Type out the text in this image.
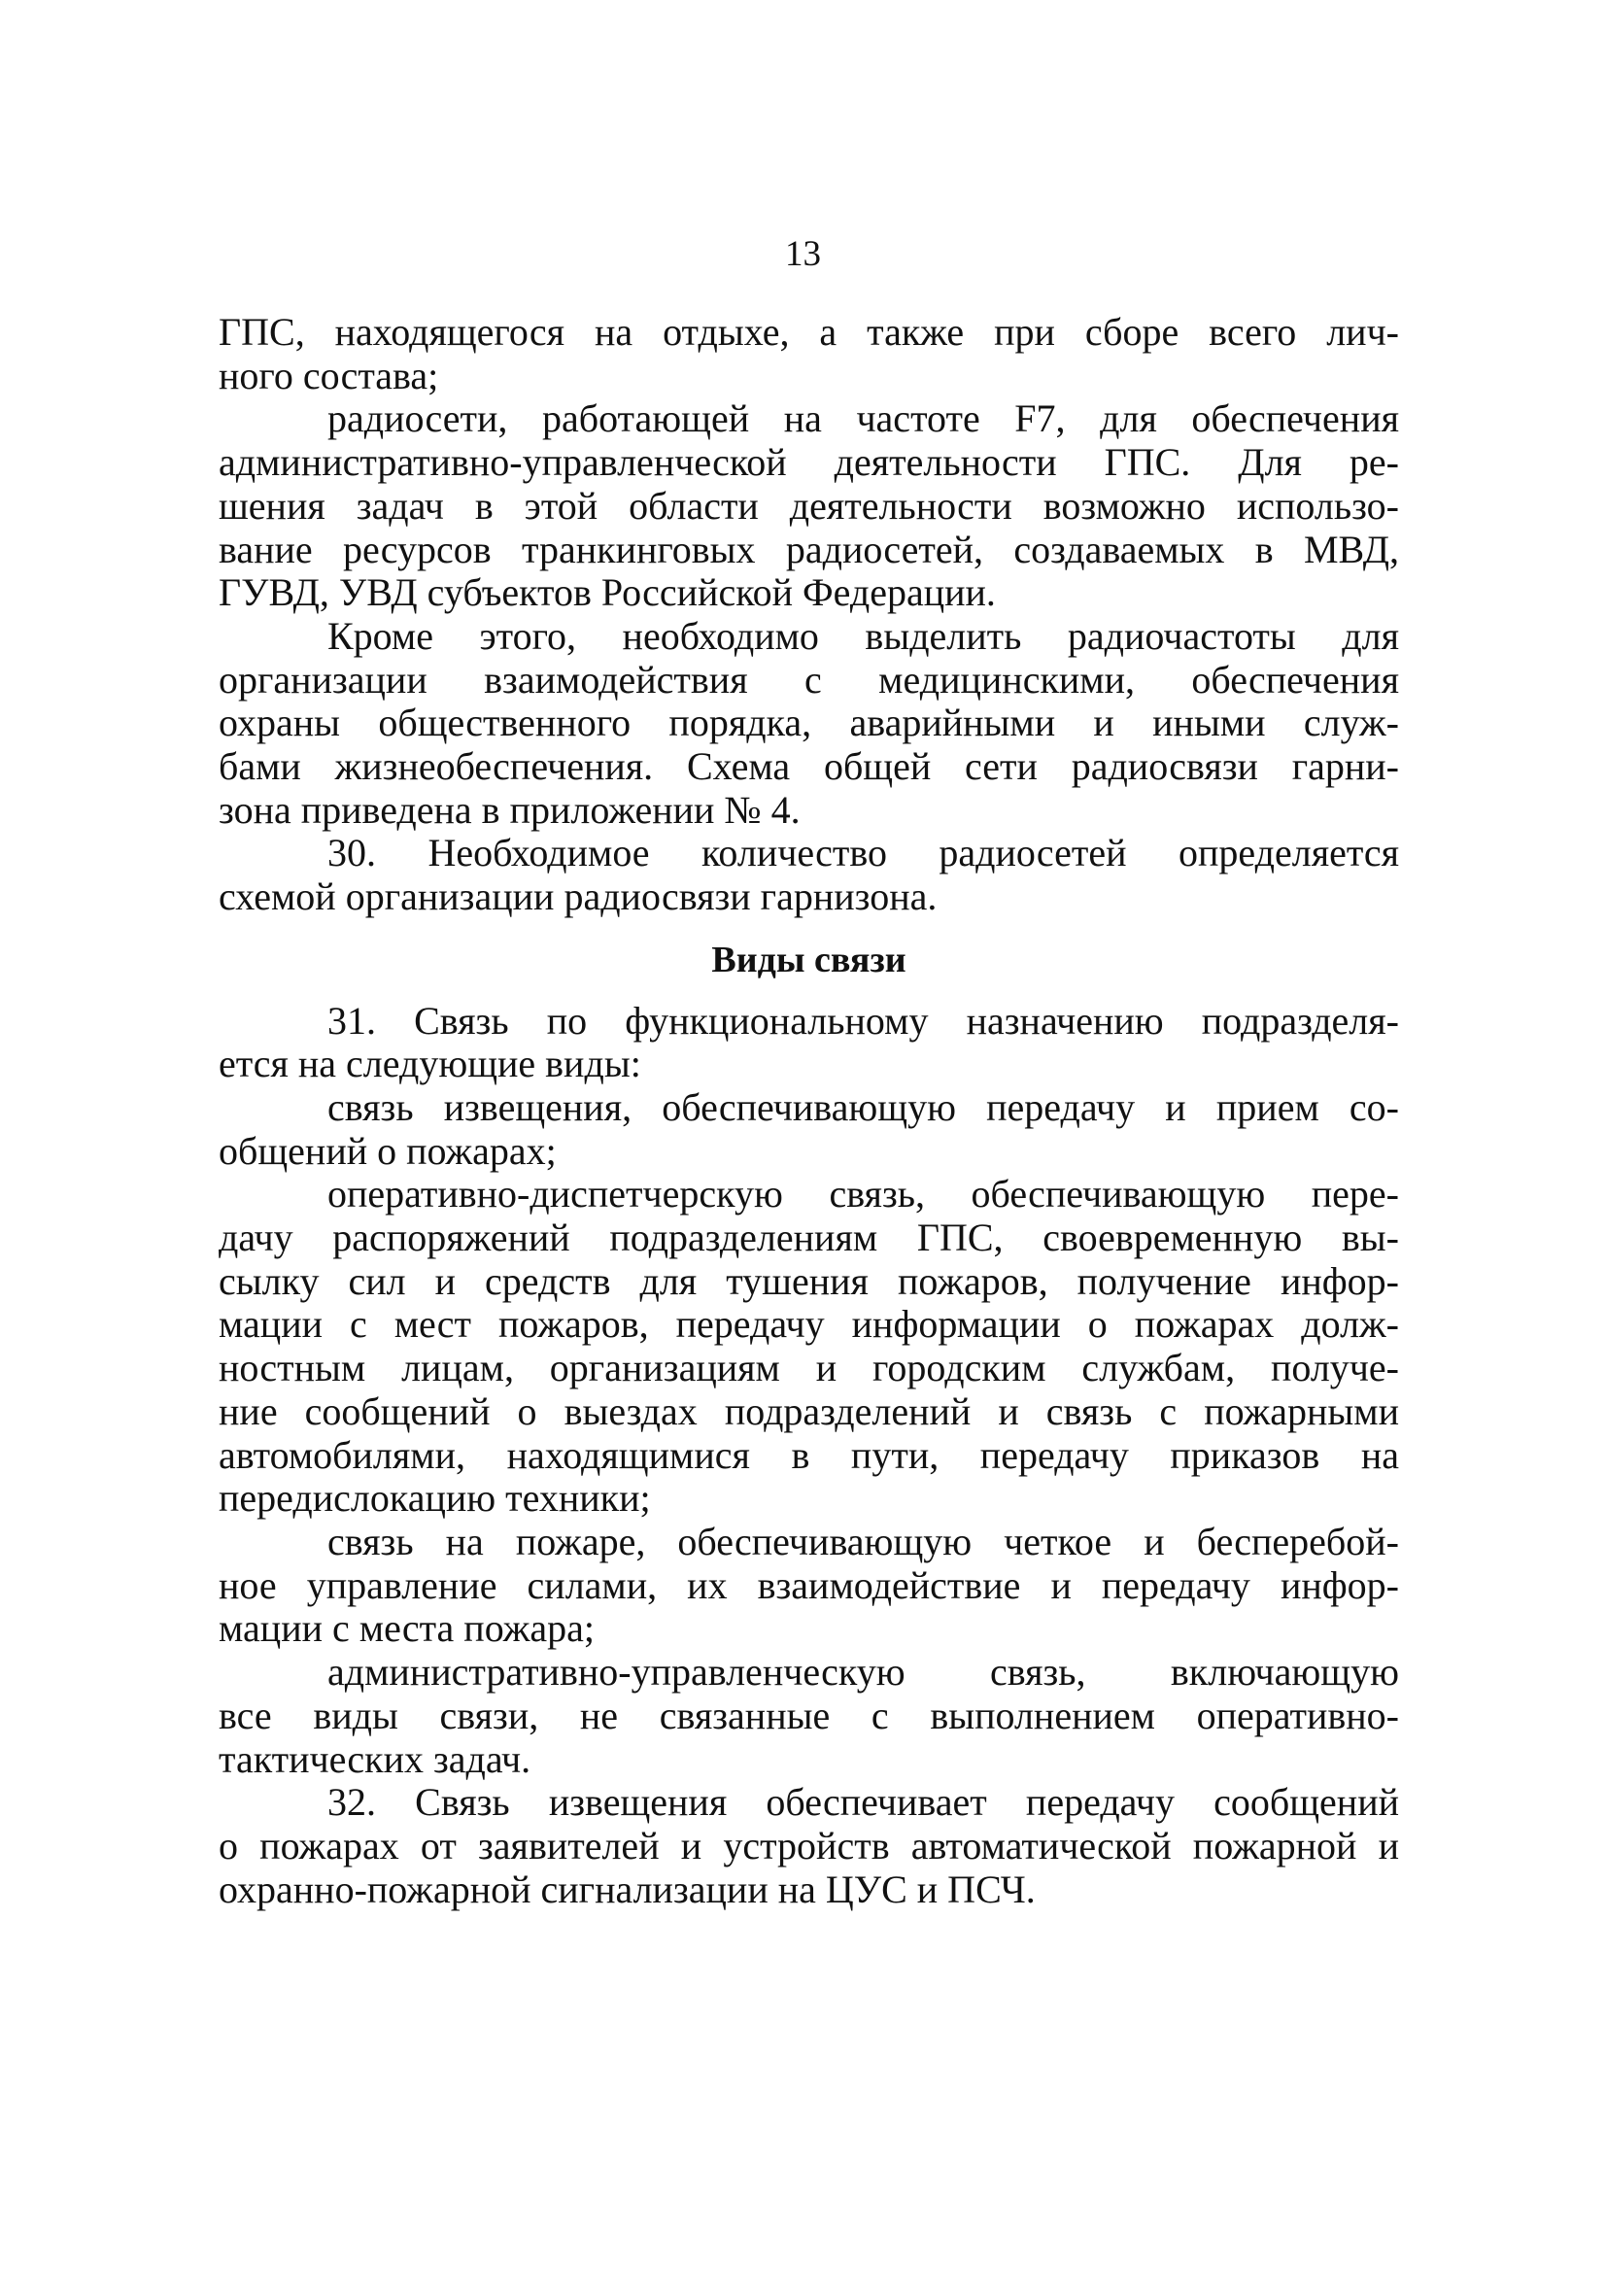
13
ГПС, находящегося на отдыхе, а также при сборе всего лич-
ного состава;
радиосети, работающей на частоте F7, для обеспечения
административно-управленческой деятельности ГПС. Для ре-
шения задач в этой области деятельности возможно использо-
вание ресурсов транкинговых радиосетей, создаваемых в МВД,
ГУВД, УВД субъектов Российской Федерации.
Кроме этого, необходимо выделить радиочастоты для
организации взаимодействия с медицинскими, обеспечения
охраны общественного порядка, аварийными и иными служ-
бами жизнеобеспечения. Схема общей сети радиосвязи гарни-
зона приведена в приложении № 4.
30. Необходимое количество радиосетей определяется
схемой организации радиосвязи гарнизона.
Виды связи
31. Связь по функциональному назначению подразделя-
ется на следующие виды:
связь извещения, обеспечивающую передачу и прием со-
общений о пожарах;
оперативно-диспетчерскую связь, обеспечивающую пере-
дачу распоряжений подразделениям ГПС, своевременную вы-
сылку сил и средств для тушения пожаров, получение инфор-
мации с мест пожаров, передачу информации о пожарах долж-
ностным лицам, организациям и городским службам, получе-
ние сообщений о выездах подразделений и связь с пожарными
автомобилями, находящимися в пути, передачу приказов на
передислокацию техники;
связь на пожаре, обеспечивающую четкое и бесперебой-
ное управление силами, их взаимодействие и передачу инфор-
мации с места пожара;
административно-управленческую связь, включающую
все виды связи, не связанные с выполнением оперативно-
тактических задач.
32. Связь извещения обеспечивает передачу сообщений
о пожарах от заявителей и устройств автоматической пожарной и
охранно-пожарной сигнализации на ЦУС и ПСЧ.
